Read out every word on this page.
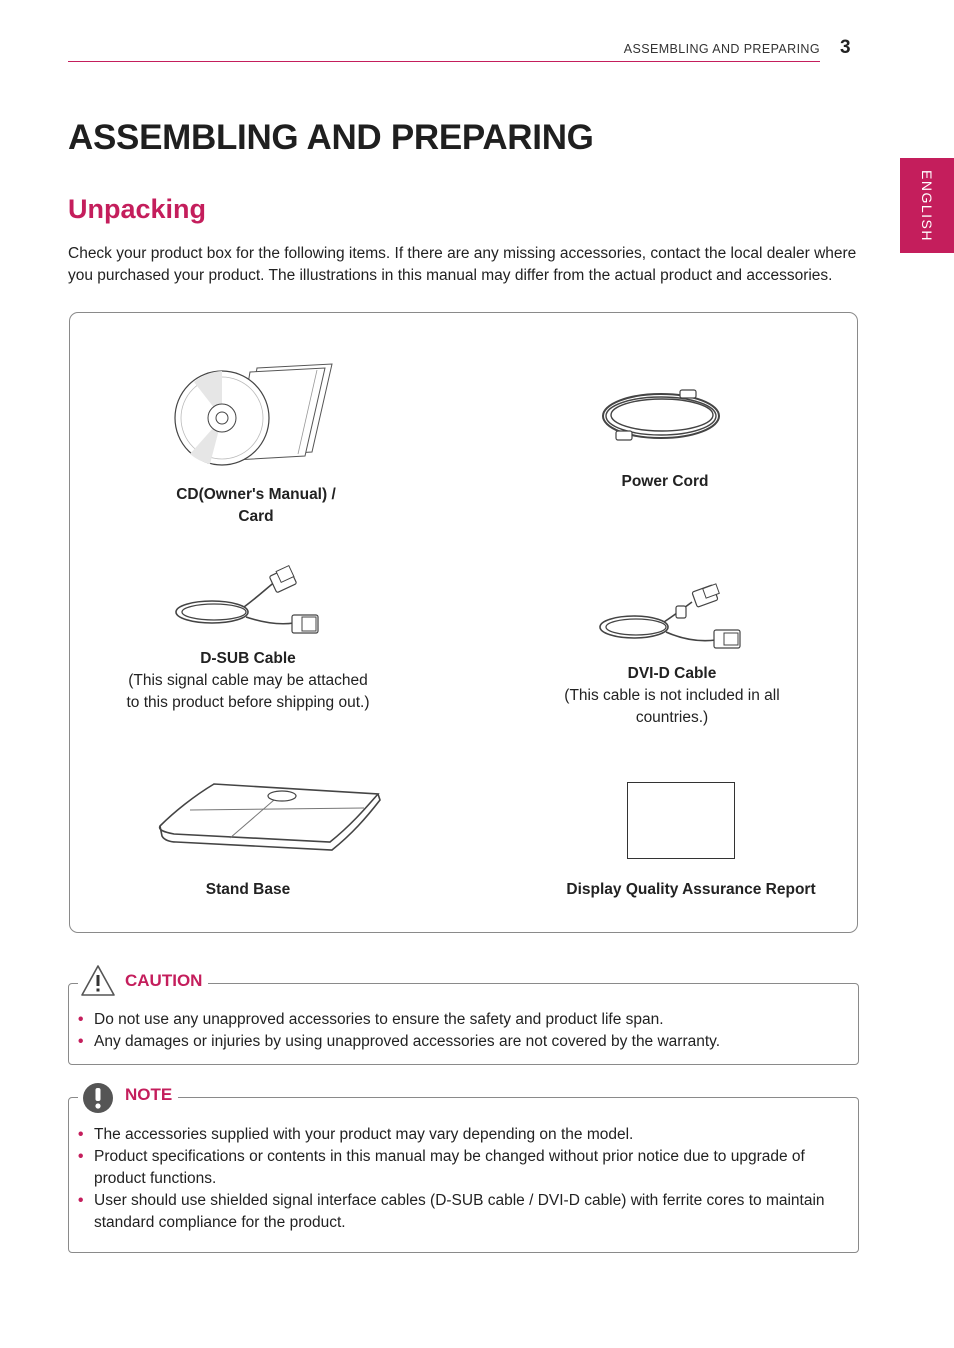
ASSEMBLING AND PREPARING 3
ENGLISH
ASSEMBLING AND PREPARING
Unpacking
Check your product box for the following items. If there are any missing accessories, contact the local dealer where you purchased your product. The illustrations in this manual may differ from the actual product and accessories.
CD(Owner's Manual) /
Card
Power Cord
D-SUB Cable
(This signal cable may be attached
to this product before shipping out.)
DVI-D Cable
(This cable is not included in all
countries.)
Stand Base	Display Quality Assurance Report
CAUTION
• Do not use any unapproved accessories to ensure the safety and product life span.
• Any damages or injuries by using unapproved accessories are not covered by the warranty.
NOTE
• The accessories supplied with your product may vary depending on the model.
• Product specifications or contents in this manual may be changed without prior notice due to upgrade of product functions.
• User should use shielded signal interface cables (D-SUB cable / DVI-D cable) with ferrite cores to maintain standard compliance for the product.
